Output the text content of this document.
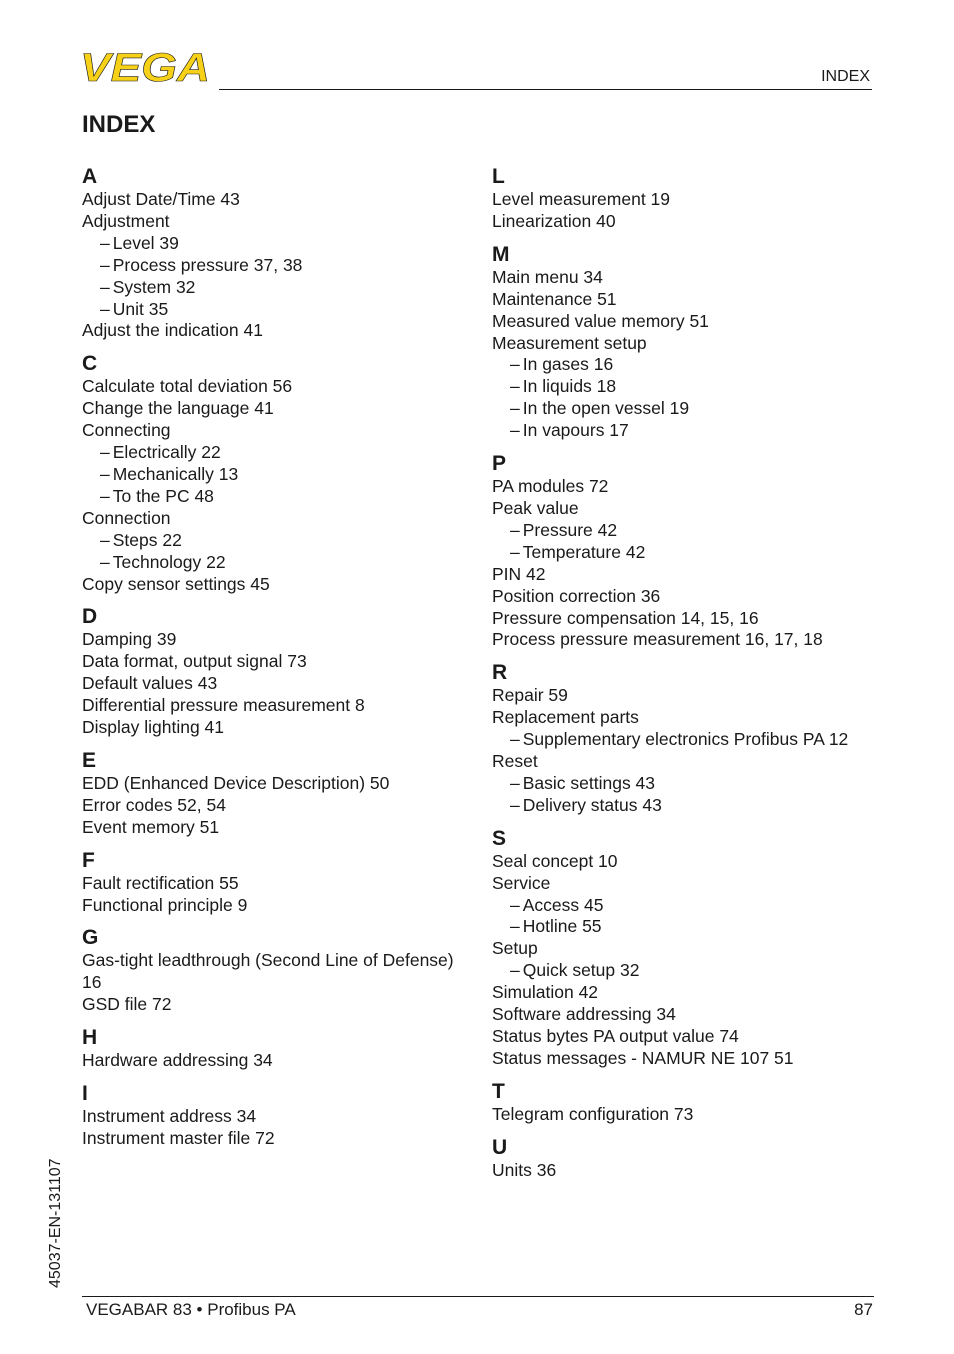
VEGA	INDEX
INDEX
A
Adjust Date/Time 43
Adjustment
– Level 39
– Process pressure 37, 38
– System 32
– Unit 35
Adjust the indication 41
C
Calculate total deviation 56
Change the language 41
Connecting
– Electrically 22
– Mechanically 13
– To the PC 48
Connection
– Steps 22
– Technology 22
Copy sensor settings 45
D
Damping 39
Data format, output signal 73
Default values 43
Differential pressure measurement 8
Display lighting 41
E
EDD (Enhanced Device Description) 50
Error codes 52, 54
Event memory 51
F
Fault rectification 55
Functional principle 9
G
Gas-tight leadthrough (Second Line of Defense) 16
GSD file 72
H
Hardware addressing 34
I
Instrument address 34
Instrument master file 72
L
Level measurement 19
Linearization 40
M
Main menu 34
Maintenance 51
Measured value memory 51
Measurement setup
– In gases 16
– In liquids 18
– In the open vessel 19
– In vapours 17
P
PA modules 72
Peak value
– Pressure 42
– Temperature 42
PIN 42
Position correction 36
Pressure compensation 14, 15, 16
Process pressure measurement 16, 17, 18
R
Repair 59
Replacement parts
– Supplementary electronics Profibus PA 12
Reset
– Basic settings 43
– Delivery status 43
S
Seal concept 10
Service
– Access 45
– Hotline 55
Setup
– Quick setup 32
Simulation 42
Software addressing 34
Status bytes PA output value 74
Status messages - NAMUR NE 107 51
T
Telegram configuration 73
U
Units 36
45037-EN-131107
VEGABAR 83 • Profibus PA	87
